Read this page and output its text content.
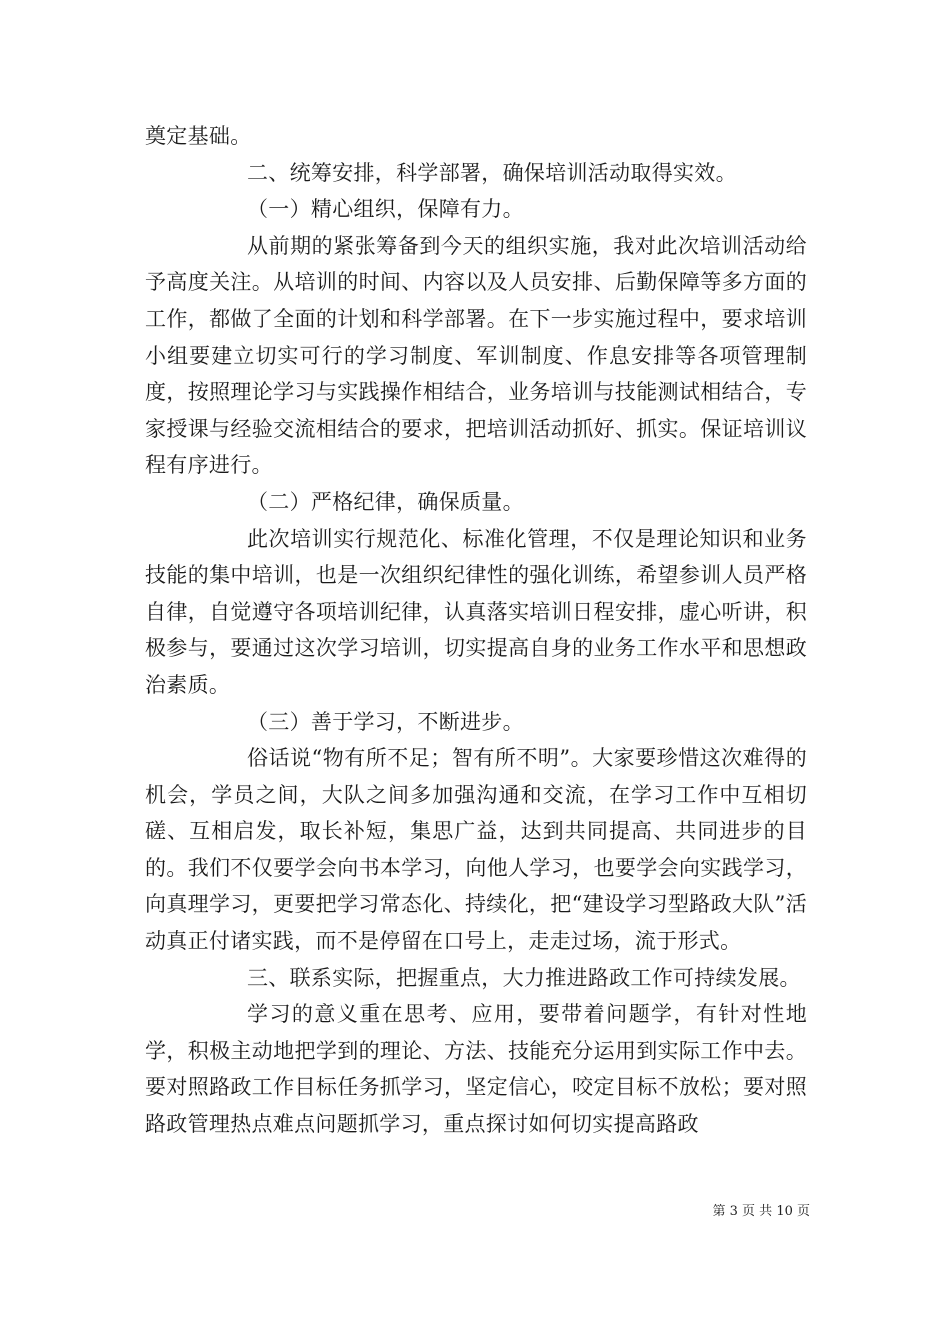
奠定基础。

二、统筹安排，科学部署，确保培训活动取得实效。

（一）精心组织，保障有力。

从前期的紧张筹备到今天的组织实施，我对此次培训活动给予高度关注。从培训的时间、内容以及人员安排、后勤保障等多方面的工作，都做了全面的计划和科学部署。在下一步实施过程中，要求培训小组要建立切实可行的学习制度、军训制度、作息安排等各项管理制度，按照理论学习与实践操作相结合，业务培训与技能测试相结合，专家授课与经验交流相结合的要求，把培训活动抓好、抓实。保证培训议程有序进行。

（二）严格纪律，确保质量。

此次培训实行规范化、标准化管理，不仅是理论知识和业务技能的集中培训，也是一次组织纪律性的强化训练，希望参训人员严格自律，自觉遵守各项培训纪律，认真落实培训日程安排，虚心听讲，积极参与，要通过这次学习培训，切实提高自身的业务工作水平和思想政治素质。

（三）善于学习，不断进步。

俗话说“物有所不足；智有所不明”。大家要珍惜这次难得的机会，学员之间，大队之间多加强沟通和交流，在学习工作中互相切磋、互相启发，取长补短，集思广益，达到共同提高、共同进步的目的。我们不仅要学会向书本学习，向他人学习，也要学会向实践学习，向真理学习，更要把学习常态化、持续化，把“建设学习型路政大队”活动真正付诸实践，而不是停留在口号上，走走过场，流于形式。

三、联系实际，把握重点，大力推进路政工作可持续发展。

学习的意义重在思考、应用，要带着问题学，有针对性地学，积极主动地把学到的理论、方法、技能充分运用到实际工作中去。要对照路政工作目标任务抓学习，坚定信心，咬定目标不放松；要对照路政管理热点难点问题抓学习，重点探讨如何切实提高路政

第 3 页 共 10 页
